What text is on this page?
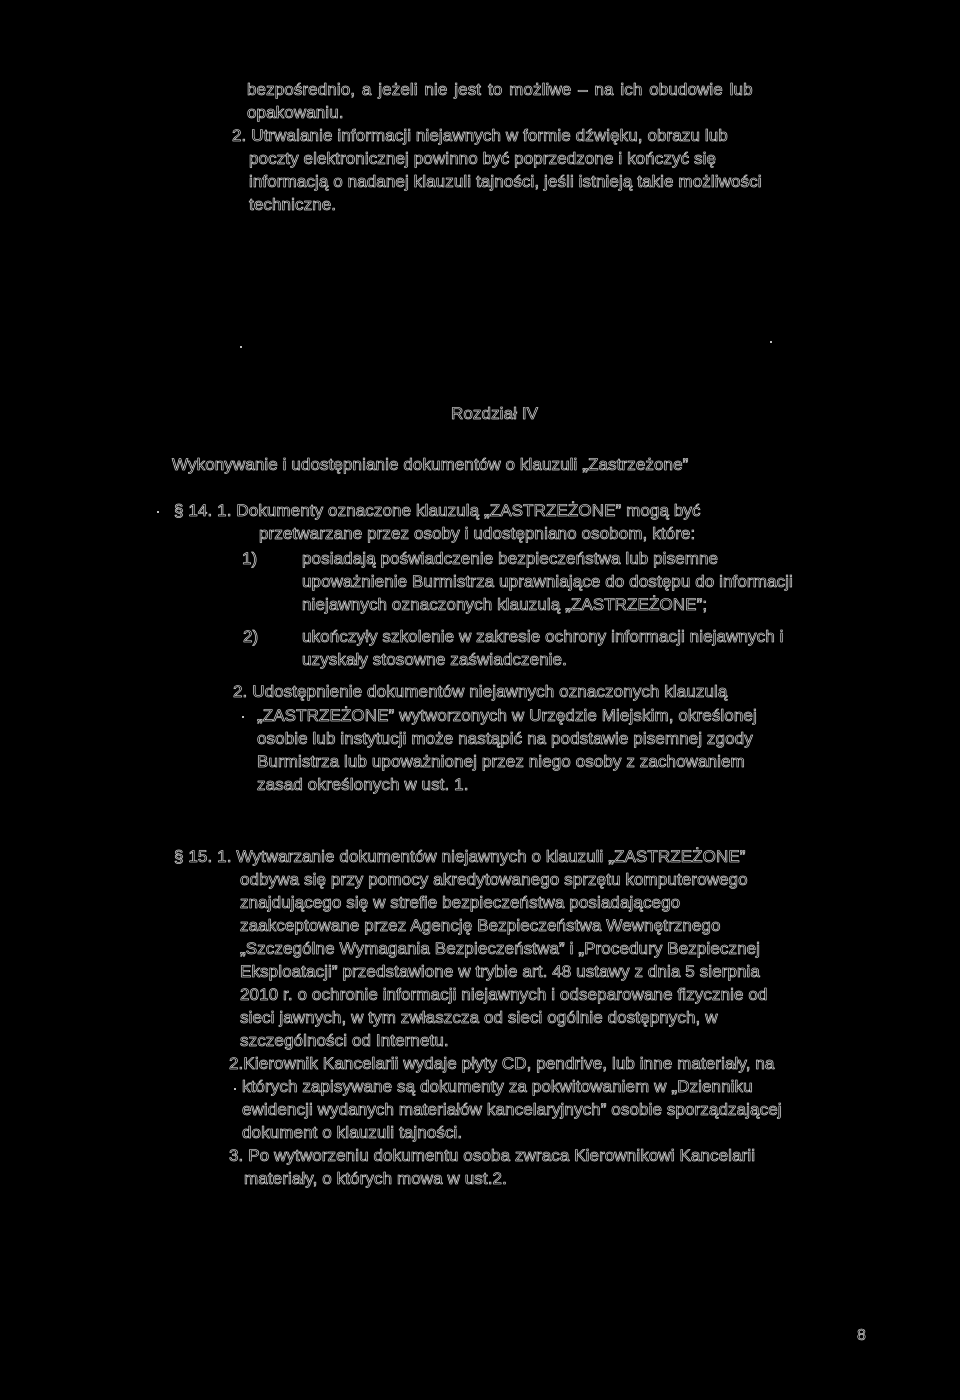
bezpośrednio, a jeżeli nie jest to możliwe – na ich obudowie lub
opakowaniu.
2. Utrwalanie informacji niejawnych w formie dźwięku, obrazu lub
poczty elektronicznej powinno być poprzedzone i kończyć się
informacją o nadanej klauzuli tajności, jeśli istnieją takie możliwości
techniczne.
Rozdział IV
Wykonywanie i udostępnianie dokumentów o klauzuli „Zastrzeżone”
§ 14. 1. Dokumenty oznaczone klauzulą „ZASTRZEŻONE” mogą być
przetwarzane przez osoby i udostępniano osobom, które:
1)	posiadają poświadczenie bezpieczeństwa lub pisemne
upoważnienie Burmistrza uprawniające do dostępu do informacji
niejawnych oznaczonych klauzulą „ZASTRZEŻONE”;
2)	ukończyły szkolenie w zakresie ochrony informacji niejawnych i
uzyskały stosowne zaświadczenie.
2. Udostępnienie dokumentów niejawnych oznaczonych klauzulą
„ZASTRZEŻONE” wytworzonych w Urzędzie Miejskim, określonej
osobie lub instytucji może nastąpić na podstawie pisemnej zgody
Burmistrza lub upoważnionej przez niego osoby z zachowaniem
zasad określonych w ust. 1.
§ 15. 1. Wytwarzanie dokumentów niejawnych o klauzuli „ZASTRZEŻONE”
odbywa się przy pomocy akredytowanego sprzętu komputerowego
znajdującego się w strefie bezpieczeństwa posiadającego
zaakceptowane przez Agencję Bezpieczeństwa Wewnętrznego
„Szczególne Wymagania Bezpieczeństwa” i „Procedury Bezpiecznej
Eksploatacji” przedstawione w trybie art. 48 ustawy z dnia 5 sierpnia
2010 r. o ochronie informacji niejawnych i odseparowane fizycznie od
sieci jawnych, w tym zwłaszcza od sieci ogólnie dostępnych, w
szczególności od Internetu.
2.Kierownik Kancelarii wydaje płyty CD, pendrive, lub inne materiały, na
których zapisywane są dokumenty za pokwitowaniem w „Dzienniku
ewidencji wydanych materiałów kancelaryjnych” osobie sporządzającej
dokument o klauzuli tajności.
3. Po wytworzeniu dokumentu osoba zwraca Kierownikowi Kancelarii
materiały, o których mowa w ust.2.
8
